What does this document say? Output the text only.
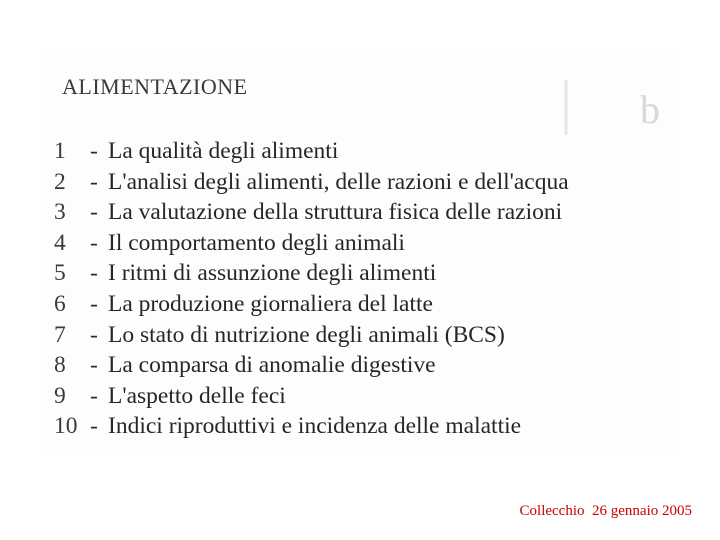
b
|
ALIMENTAZIONE
1 - La qualità degli alimenti
2 - L'analisi degli alimenti, delle razioni e dell'acqua
3 - La valutazione della struttura fisica delle razioni
4 - Il comportamento degli animali
5 - I ritmi di assunzione degli alimenti
6 - La produzione giornaliera del latte
7 - Lo stato di nutrizione degli animali (BCS)
8 - La comparsa di anomalie digestive
9 - L'aspetto delle feci
10 - Indici riproduttivi e incidenza delle malattie

Collecchio  26 gennaio 2005
